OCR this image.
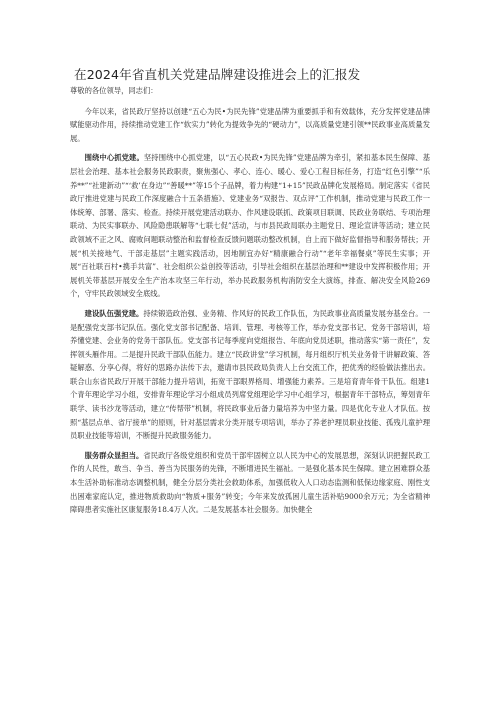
在2024年省直机关党建品牌建设推进会上的汇报发

尊敬的各位领导，同志们：

今年以来，省民政厅坚持以创建“五心为民•为民先锋”党建品牌为重要抓手和有效载体，充分发挥党建品牌赋能驱动作用，持续推动党建工作“软实力”转化为提效争先的“硬动力”，以高质量党建引领**民政事业高质量发展。

围绕中心抓党建。坚持围绕中心抓党建，以“五心民政•为民先锋”党建品牌为牵引，紧扣基本民生保障、基层社会治理、基本社会服务民政职责，聚焦强心、孝心、连心、暖心、爱心工程目标任务，打造“红色引擎”“乐养**”“社建新动”“‘救’在身边”“善暖**”等15个子品牌，着力构建“1+15”民政品牌化发展格局。制定落实《省民政厅推进党建与民政工作深度融合十五条措施》、党建业务“双报告、双点评”工作机制，推动党建与民政工作一体统筹、部署、落实、检查。持续开展党建活动联办、作风建设联抓、政策项目联调、民政业务联结、专项治理联动、为民实事联办、风险隐患联解等“七联七促”活动，与市县民政局联办主题党日、理论宣讲等活动；建立民政领域不正之风、腐败问题联动整治和监督检查反馈问题联动整改机制，自上而下做好监督指导和服务帮扶；开展“机关接地气、干部走基层”主题实践活动，因地制宜办好“精康融合行动”“老年幸福餐桌”等民生实事；开展“百社联百村•携手共富”、社会组织公益创投等活动，引导社会组织在基层治理和**建设中发挥积极作用；开展机关带基层开展安全生产治本攻坚三年行动，举办民政服务机构消防安全大演练，排查、解决安全风险269个，守牢民政领域安全底线。

建设队伍强党建。持续锻造政治强、业务精、作风好的民政工作队伍，为民政事业高质量发展夯基垒台。一是配强党支部书记队伍。强化党支部书记配备、培训、管理、考核等工作，举办党支部书记、党务干部培训，培养懂党建、会业务的党务干部队伍。党支部书记每季度向党组报告、年底向党员述职，推动落实“第一责任”，发挥领头雁作用。二是提升民政干部队伍能力。建立“民政讲堂”学习机制，每月组织厅机关业务骨干讲解政策、答疑解惑、分享心得，将好的思路办法传下去，邀请市县民政局负责人上台交流工作，把优秀的经验做法推出去。联合山东省民政厅开展干部能力提升培训，拓宽干部眼界格局、增强能力素养。三是培育青年骨干队伍。组建1个青年理论学习小组，安排青年理论学习小组成员列席党组理论学习中心组学习，根据青年干部特点，筹划青年联学、读书沙龙等活动，建立“传帮带”机制，将民政事业后备力量培养为中坚力量。四是优化专业人才队伍。按照“基层点单、省厅接单”的原则，针对基层需求分类开展专项培训，举办了养老护理员职业技能、孤残儿童护理员职业技能等培训，不断提升民政服务能力。

服务群众显担当。省民政厅各级党组织和党员干部牢固树立以人民为中心的发展思想，深刻认识把握民政工作的人民性，敢当、争当、善当为民服务的先锋，不断增进民生福祉。一是强化基本民生保障。建立困难群众基本生活补助标准动态调整机制，健全分层分类社会救助体系，加强低收入人口动态监测和低保边缘家庭、刚性支出困难家庭认定，推进物质救助向“物质+服务”转变；今年来发放孤困儿童生活补贴9000余万元；为全省精神障碍患者实施社区康复服务18.4万人次。二是发展基本社会服务。加快健全
